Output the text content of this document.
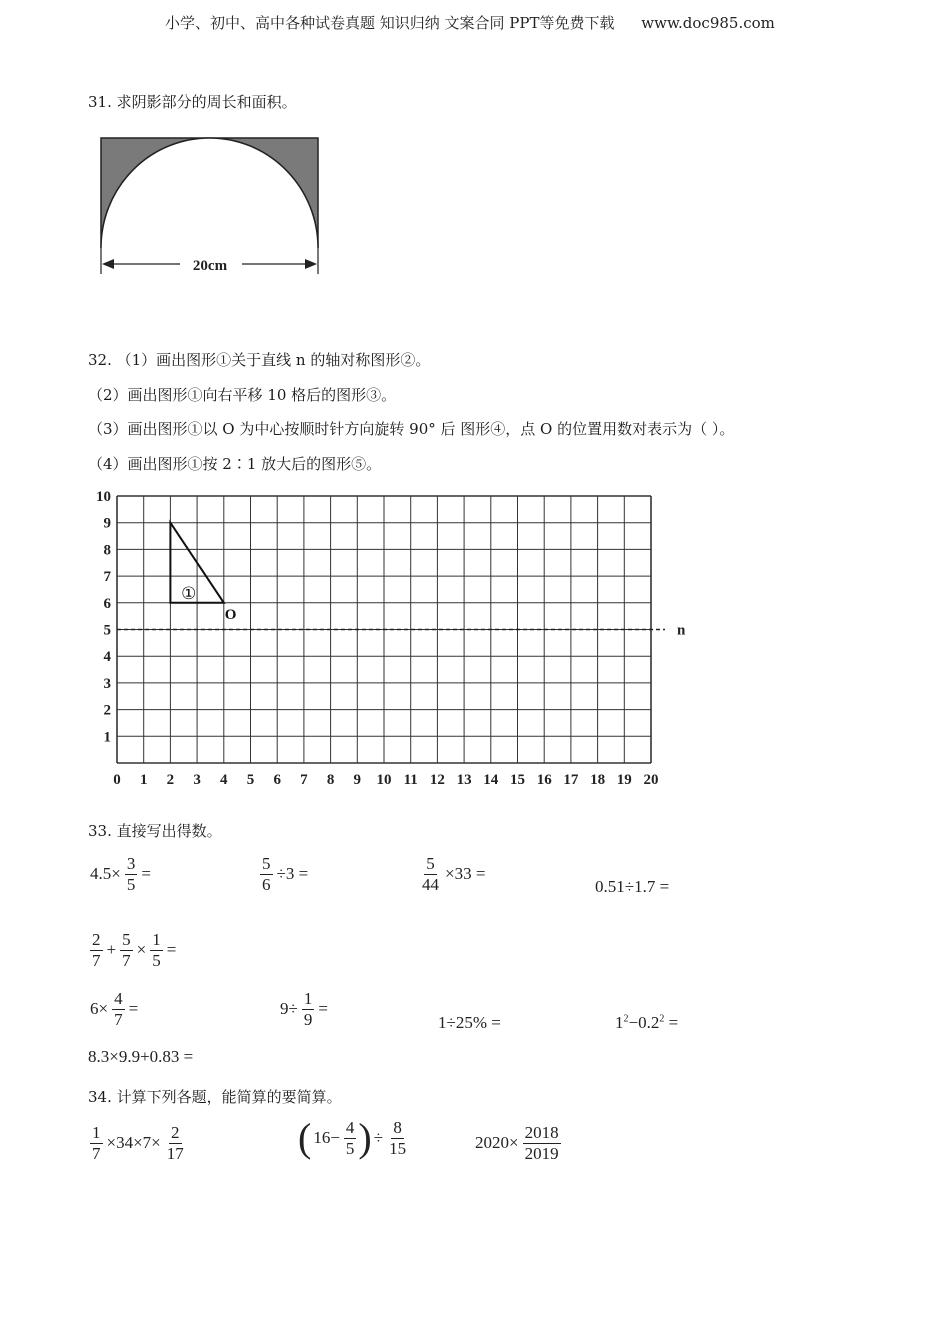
小学、初中、高中各种试卷真题 知识归纳 文案合同 PPT等免费下载 www.doc985.com
31. 求阴影部分的周长和面积。
20cm
32. （1）画出图形①关于直线 n 的轴对称图形②。
（2）画出图形①向右平移 10 格后的图形③。
（3）画出图形①以 O 为中心按顺时针方向旋转 90° 后 图形④，点 O 的位置用数对表示为（ ）。
（4）画出图形①按 2∶1 放大后的图形⑤。
0 1 2 3 4 5 6 7 8 9 10 11 12 13 14 15 16 17 18 19 20
1
2
3
4
5
6
7
8
9
10
n
①
O
33. 直接写出得数。
$4.5\times \frac{3}{5}$ =	$\frac{5}{6} \div 3$ =	$\frac{5}{44} \times 33$ =
0.51÷1.7 =
$\frac{2}{7} + \frac{5}{7} \times \frac{1}{5}$ =
$6\times \frac{4}{7}$ =	$9\div \frac{1}{9}$ =
1÷25% =	$1^2-0.2^2$ =
8.3×9.9+0.83 =
34. 计算下列各题，能简算的要简算。
$\frac{1}{7} \times 34\times 7\times \frac{2}{17}$	( $16- \frac{4}{5}$ ) ÷ $\frac{8}{15}$	$2020\times \frac{2018}{2019}$
